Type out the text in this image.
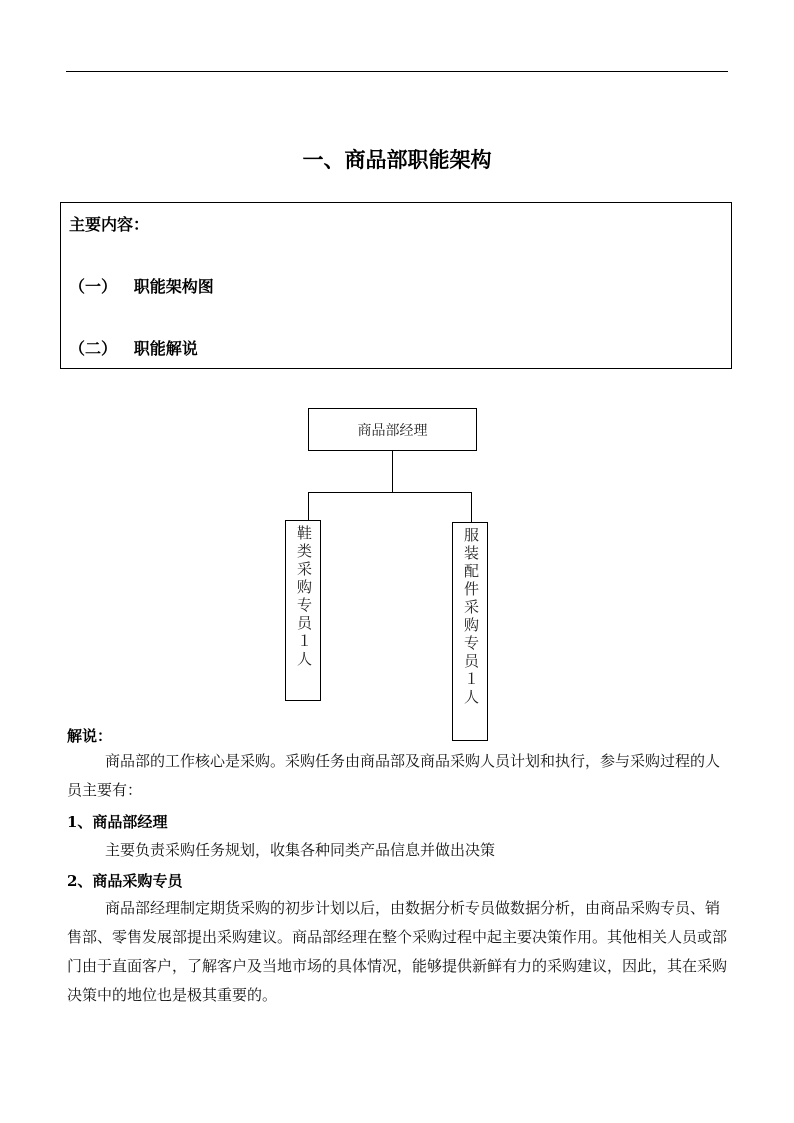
一、商品部职能架构
主要内容：
（一）   职能架构图
（二）   职能解说
商品部经理
鞋类采购专员１人	服装配件采购专员１人
解说：
商品部的工作核心是采购。采购任务由商品部及商品采购人员计划和执行，参与采购过程的人员主要有：
1、商品部经理
主要负责采购任务规划，收集各种同类产品信息并做出决策
2、商品采购专员
商品部经理制定期货采购的初步计划以后，由数据分析专员做数据分析，由商品采购专员、销售部、零售发展部提出采购建议。商品部经理在整个采购过程中起主要决策作用。其他相关人员或部门由于直面客户，了解客户及当地市场的具体情况，能够提供新鲜有力的采购建议，因此，其在采购决策中的地位也是极其重要的。
